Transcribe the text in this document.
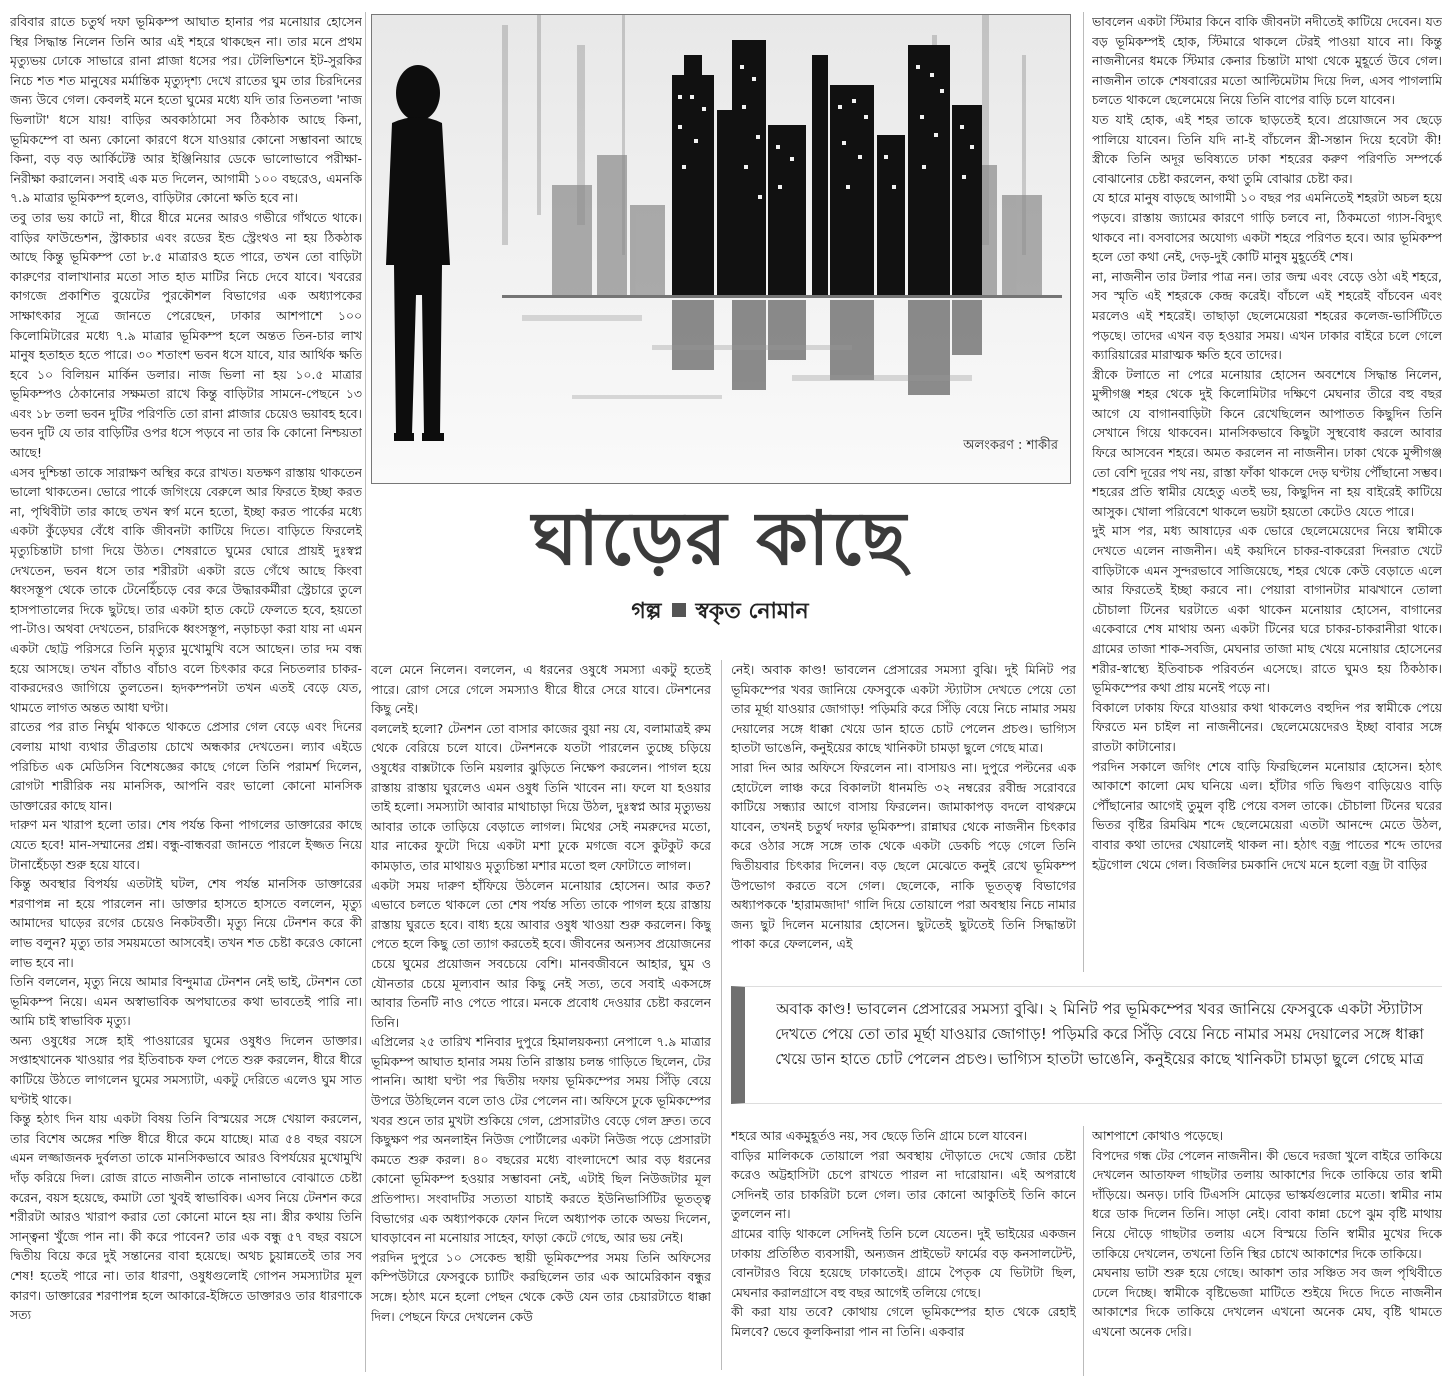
রবিবার রাতে চতুর্থ দফা ভূমিকম্প আঘাত হানার পর মনোয়ার হোসেন স্থির সিদ্ধান্ত নিলেন তিনি আর এই শহরে থাকছেন না। তার মনে প্রথম মৃত্যুভয় ঢোকে সাভারে রানা প্লাজা ধসের পর। টেলিভিশনে ইট-সুরকির নিচে শত শত মানুষের মর্মান্তিক মৃত্যুদৃশ্য দেখে রাতের ঘুম তার চিরদিনের জন্য উবে গেল। কেবলই মনে হতো ঘুমের মধ্যে যদি তার তিনতলা 'নাজ ভিলাটা' ধসে যায়! বাড়ির অবকাঠামো সব ঠিকঠাক আছে কিনা, ভূমিকম্পে বা অন্য কোনো কারণে ধসে যাওয়ার কোনো সম্ভাবনা আছে কিনা, বড় বড় আর্কিটেক্ট আর ইঞ্জিনিয়ার ডেকে ভালোভাবে পরীক্ষা-নিরীক্ষা করালেন। সবাই এক মত দিলেন, আগামী ১০০ বছরেও, এমনকি ৭.৯ মাত্রার ভূমিকম্প হলেও, বাড়িটার কোনো ক্ষতি হবে না।

তবু তার ভয় কাটে না, ধীরে ধীরে মনের আরও গভীরে গাঁথতে থাকে। বাড়ির ফাউন্ডেশন, স্ট্রাকচার এবং রডের ইন্ড স্ট্রেংথও না হয় ঠিকঠাক আছে কিন্তু ভূমিকম্প তো ৮.৫ মাত্রারও হতে পারে, তখন তো বাড়িটা কারুণের বালাখানার মতো সাত হাত মাটির নিচে দেবে যাবে। খবরের কাগজে প্রকাশিত বুয়েটের পুরকৌশল বিভাগের এক অধ্যাপকের সাক্ষাৎকার সূত্রে জানতে পেরেছেন, ঢাকার আশপাশে ১০০ কিলোমিটারের মধ্যে ৭.৯ মাত্রার ভূমিকম্প হলে অন্তত তিন-চার লাখ মানুষ হতাহত হতে পারে। ৩০ শতাংশ ভবন ধসে যাবে, যার আর্থিক ক্ষতি হবে ১০ বিলিয়ন মার্কিন ডলার। নাজ ভিলা না হয় ১০.৫ মাত্রার ভূমিকম্পও ঠেকানোর সক্ষমতা রাখে কিন্তু বাড়িটার সামনে-পেছনে ১৩ এবং ১৮ তলা ভবন দুটির পরিণতি তো রানা প্লাজার চেয়েও ভয়াবহ হবে। ভবন দুটি যে তার বাড়িটির ওপর ধসে পড়বে না তার কি কোনো নিশ্চয়তা আছে!

এসব দুশ্চিন্তা তাকে সারাক্ষণ অস্থির করে রাখত। যতক্ষণ রাস্তায় থাকতেন ভালো থাকতেন। ভোরে পার্কে জগিংয়ে বেরুলে আর ফিরতে ইচ্ছা করত না, পৃথিবীটা তার কাছে তখন স্বর্গ মনে হতো, ইচ্ছা করত পার্কের মধ্যে একটা কুঁড়েঘর বেঁধে বাকি জীবনটা কাটিয়ে দিতে। বাড়িতে ফিরলেই মৃত্যুচিন্তাটা চাগা দিয়ে উঠত। শেষরাতে ঘুমের ঘোরে প্রায়ই দুঃস্বপ্ন দেখতেন, ভবন ধসে তার শরীরটা একটা রডে গেঁথে আছে কিংবা ধ্বংসস্তূপ থেকে তাকে টেনেহিঁচড়ে বের করে উদ্ধারকর্মীরা স্ট্রেচারে তুলে হাসপাতালের দিকে ছুটছে। তার একটা হাত কেটে ফেলতে হবে, হয়তো পা-টাও। অথবা দেখতেন, চারদিকে ধ্বংসস্তূপ, নড়াচড়া করা যায় না এমন একটা ছোট্ট পরিসরে তিনি মৃত্যুর মুখোমুখি বসে আছেন। তার দম বন্ধ হয়ে আসছে। তখন বাঁচাও বাঁচাও বলে চিৎকার করে নিচতলার চাকর-বাকরদেরও জাগিয়ে তুলতেন। হৃদকম্পনটা তখন এতই বেড়ে যেত, থামতে লাগত অন্তত আধা ঘণ্টা।

রাতের পর রাত নির্ঘুম থাকতে থাকতে প্রেসার গেল বেড়ে এবং দিনের বেলায় মাথা ব্যথার তীব্রতায় চোখে অন্ধকার দেখতেন। ল্যাব এইডে পরিচিত এক মেডিসিন বিশেষজ্ঞের কাছে গেলে তিনি পরামর্শ দিলেন, রোগটা শারীরিক নয় মানসিক, আপনি বরং ভালো কোনো মানসিক ডাক্তারের কাছে যান।

দারুণ মন খারাপ হলো তার। শেষ পর্যন্ত কিনা পাগলের ডাক্তারের কাছে যেতে হবে! মান-সম্মানের প্রশ্ন। বন্ধু-বান্ধবরা জানতে পারলে ইজ্জত নিয়ে টানাহেঁচড়া শুরু হয়ে যাবে।

কিন্তু অবস্থার বিপর্যয় এতটাই ঘটল, শেষ পর্যন্ত মানসিক ডাক্তারের শরণাপন্ন না হয়ে পারলেন না। ডাক্তার হাসতে হাসতে বললেন, মৃত্যু আমাদের ঘাড়ের রগের চেয়েও নিকটবর্তী। মৃত্যু নিয়ে টেনশন করে কী লাভ বলুন? মৃত্যু তার সময়মতো আসবেই। তখন শত চেষ্টা করেও কোনো লাভ হবে না।

তিনি বললেন, মৃত্যু নিয়ে আমার বিন্দুমাত্র টেনশন নেই ভাই, টেনশন তো ভূমিকম্প নিয়ে। এমন অস্বাভাবিক অপঘাতের কথা ভাবতেই পারি না। আমি চাই স্বাভাবিক মৃত্যু।

অন্য ওষুধের সঙ্গে হাই পাওয়ারের ঘুমের ওষুধও দিলেন ডাক্তার। সপ্তাহখানেক খাওয়ার পর ইতিবাচক ফল পেতে শুরু করলেন, ধীরে ধীরে কাটিয়ে উঠতে লাগলেন ঘুমের সমস্যাটা, একটু দেরিতে এলেও ঘুম সাত ঘণ্টাই থাকে।

কিন্তু হঠাৎ দিন যায় একটা বিষয় তিনি বিস্ময়ের সঙ্গে খেয়াল করলেন, তার বিশেষ অঙ্গের শক্তি ধীরে ধীরে কমে যাচ্ছে। মাত্র ৫৪ বছর বয়সে এমন লজ্জাজনক দুর্বলতা তাকে মানসিকভাবে আরও বিপর্যয়ের মুখোমুখি দাঁড় করিয়ে দিল। রোজ রাতে নাজনীন তাকে নানাভাবে বোঝাতে চেষ্টা করেন, বয়স হয়েছে, কমাটা তো খুবই স্বাভাবিক। এসব নিয়ে টেনশন করে শরীরটা আরও খারাপ করার তো কোনো মানে হয় না। স্ত্রীর কথায় তিনি সান্ত্বনা খুঁজে পান না। কী করে পাবেন? তার এক বন্ধু ৫৭ বছর বয়সে দ্বিতীয় বিয়ে করে দুই সন্তানের বাবা হয়েছে। অথচ চুয়ান্নতেই তার সব শেষ! হতেই পারে না। তার ধারণা, ওষুধগুলোই গোপন সমস্যাটার মূল কারণ। ডাক্তারের শরণাপন্ন হলে আকারে-ইঙ্গিতে ডাক্তারও তার ধারণাকে সত্য

অলংকরণ : শাকীর
ঘাড়ের কাছে
গল্প স্বকৃত নোমান

বলে মেনে নিলেন। বললেন, এ ধরনের ওষুধে সমস্যা একটু হতেই পারে। রোগ সেরে গেলে সমস্যাও ধীরে ধীরে সেরে যাবে। টেনশনের কিছু নেই।

বললেই হলো? টেনশন তো বাসার কাজের বুয়া নয় যে, বলামাত্রই রুম থেকে বেরিয়ে চলে যাবে। টেনশনকে যতটা পারলেন তুচ্ছে চড়িয়ে ওষুধের বাক্সটাকে তিনি ময়লার ঝুড়িতে নিক্ষেপ করলেন। পাগল হয়ে রাস্তায় রাস্তায় ঘুরলেও এমন ওষুধ তিনি খাবেন না। ফলে যা হওয়ার তাই হলো। সমস্যাটা আবার মাথাচাড়া দিয়ে উঠল, দুঃস্বপ্ন আর মৃত্যুভয় আবার তাকে তাড়িয়ে বেড়াতে লাগল। মিথের সেই নমরুদের মতো, যার নাকের ফুটো দিয়ে একটা মশা ঢুকে মগজে বসে কুটকুট করে কামড়াত, তার মাথায়ও মৃত্যুচিন্তা মশার মতো হুল ফোটাতে লাগল।

একটা সময় দারুণ হাঁফিয়ে উঠলেন মনোয়ার হোসেন। আর কত? এভাবে চলতে থাকলে তো শেষ পর্যন্ত সত্যি তাকে পাগল হয়ে রাস্তায় রাস্তায় ঘুরতে হবে। বাধ্য হয়ে আবার ওষুধ খাওয়া শুরু করলেন। কিছু পেতে হলে কিছু তো ত্যাগ করতেই হবে। জীবনের অন্যসব প্রয়োজনের চেয়ে ঘুমের প্রয়োজন সবচেয়ে বেশি। মানবজীবনে আহার, ঘুম ও যৌনতার চেয়ে মূল্যবান আর কিছু নেই সত্য, তবে সবাই একসঙ্গে আবার তিনটি নাও পেতে পারে। মনকে প্রবোধ দেওয়ার চেষ্টা করলেন তিনি।

এপ্রিলের ২৫ তারিখ শনিবার দুপুরে হিমালয়কন্যা নেপালে ৭.৯ মাত্রার ভূমিকম্প আঘাত হানার সময় তিনি রাস্তায় চলন্ত গাড়িতে ছিলেন, টের পাননি। আধা ঘণ্টা পর দ্বিতীয় দফায় ভূমিকম্পের সময় সিঁড়ি বেয়ে উপরে উঠছিলেন বলে তাও টের পেলেন না। অফিসে ঢুকে ভূমিকম্পের খবর শুনে তার মুখটা শুকিয়ে গেল, প্রেসারটাও বেড়ে গেল দ্রুত। তবে কিছুক্ষণ পর অনলাইন নিউজ পোর্টালের একটা নিউজ পড়ে প্রেসারটা কমতে শুরু করল। ৪০ বছরের মধ্যে বাংলাদেশে আর বড় ধরনের কোনো ভূমিকম্প হওয়ার সম্ভাবনা নেই, এটাই ছিল নিউজটার মূল প্রতিপাদ্য। সংবাদটির সত্যতা যাচাই করতে ইউনিভার্সিটির ভূতত্ত্ব বিভাগের এক অধ্যাপককে ফোন দিলে অধ্যাপক তাকে অভয় দিলেন, ঘাবড়াবেন না মনোয়ার সাহেব, ফাড়া কেটে গেছে, আর ভয় নেই।

পরদিন দুপুরে ১০ সেকেন্ড স্থায়ী ভূমিকম্পের সময় তিনি অফিসের কম্পিউটারে ফেসবুকে চ্যাটিং করছিলেন তার এক আমেরিকান বন্ধুর সঙ্গে। হঠাৎ মনে হলো পেছন থেকে কেউ যেন তার চেয়ারটাতে ধাক্কা দিল। পেছনে ফিরে দেখলেন কেউ

নেই। অবাক কাণ্ড! ভাবলেন প্রেসারের সমস্যা বুঝি। দুই মিনিট পর ভূমিকম্পের খবর জানিয়ে ফেসবুকে একটা স্ট্যাটাস দেখতে পেয়ে তো তার মূর্ছা যাওয়ার জোগাড়! পড়িমরি করে সিঁড়ি বেয়ে নিচে নামার সময় দেয়ালের সঙ্গে ধাক্কা খেয়ে ডান হাতে চোট পেলেন প্রচণ্ড। ভাগ্যিস হাতটা ভাঙেনি, কনুইয়ের কাছে খানিকটা চামড়া ছুলে গেছে মাত্র।

সারা দিন আর অফিসে ফিরলেন না। বাসায়ও না। দুপুরে পল্টনের এক হোটেলে লাঞ্চ করে বিকালটা ধানমন্ডি ৩২ নম্বরের রবীন্দ্র সরোবরে কাটিয়ে সন্ধ্যার আগে বাসায় ফিরলেন। জামাকাপড় বদলে বাথরুমে যাবেন, তখনই চতুর্থ দফার ভূমিকম্প। রান্নাঘর থেকে নাজনীন চিৎকার করে ওঠার সঙ্গে সঙ্গে তাক থেকে একটা ডেকচি পড়ে গেলে তিনি দ্বিতীয়বার চিৎকার দিলেন। বড় ছেলে মেঝেতে কনুই রেখে ভূমিকম্প উপভোগ করতে বসে গেল। ছেলেকে, নাকি ভূতত্ত্ব বিভাগের অধ্যাপককে 'হারামজাদা' গালি দিয়ে তোয়ালে পরা অবস্থায় নিচে নামার জন্য ছুট দিলেন মনোয়ার হোসেন। ছুটতেই ছুটতেই তিনি সিদ্ধান্তটা পাকা করে ফেললেন, এই

ভাবলেন একটা স্টিমার কিনে বাকি জীবনটা নদীতেই কাটিয়ে দেবেন। যত বড় ভূমিকম্পই হোক, স্টিমারে থাকলে টেরই পাওয়া যাবে না। কিন্তু নাজনীনের ধমকে স্টিমার কেনার চিন্তাটা মাথা থেকে মুহূর্তে উবে গেল। নাজনীন তাকে শেষবারের মতো আল্টিমেটাম দিয়ে দিল, এসব পাগলামি চলতে থাকলে ছেলেমেয়ে নিয়ে তিনি বাপের বাড়ি চলে যাবেন।

যত যাই হোক, এই শহর তাকে ছাড়তেই হবে। প্রয়োজনে সব ছেড়ে পালিয়ে যাবেন। তিনি যদি না-ই বাঁচলেন স্ত্রী-সন্তান দিয়ে হবেটা কী! স্ত্রীকে তিনি অদূর ভবিষ্যতে ঢাকা শহরের করুণ পরিণতি সম্পর্কে বোঝানোর চেষ্টা করলেন, কথা তুমি বোঝার চেষ্টা কর।

যে হারে মানুষ বাড়ছে আগামী ১০ বছর পর এমনিতেই শহরটা অচল হয়ে পড়বে। রাস্তায় জ্যামের কারণে গাড়ি চলবে না, ঠিকমতো গ্যাস-বিদ্যুৎ থাকবে না। বসবাসের অযোগ্য একটা শহরে পরিণত হবে। আর ভূমিকম্প হলে তো কথা নেই, দেড়-দুই কোটি মানুষ মুহূর্তেই শেষ।

না, নাজনীন তার টলার পাত্র নন। তার জন্ম এবং বেড়ে ওঠা এই শহরে, সব স্মৃতি এই শহরকে কেন্দ্র করেই। বাঁচলে এই শহরেই বাঁচবেন এবং মরলেও এই শহরেই। তাছাড়া ছেলেমেয়েরা শহরের কলেজ-ভার্সিটিতে পড়ছে। তাদের এখন বড় হওয়ার সময়। এখন ঢাকার বাইরে চলে গেলে ক্যারিয়ারের মারাত্মক ক্ষতি হবে তাদের।

স্ত্রীকে টলাতে না পেরে মনোয়ার হোসেন অবশেষে সিদ্ধান্ত নিলেন, মুন্সীগঞ্জ শহর থেকে দুই কিলোমিটার দক্ষিণে মেঘনার তীরে বহু বছর আগে যে বাগানবাড়িটা কিনে রেখেছিলেন আপাতত কিছুদিন তিনি সেখানে গিয়ে থাকবেন। মানসিকভাবে কিছুটা সুস্থবোধ করলে আবার ফিরে আসবেন শহরে। অমত করলেন না নাজনীন। ঢাকা থেকে মুন্সীগঞ্জ তো বেশি দূরের পথ নয়, রাস্তা ফাঁকা থাকলে দেড় ঘণ্টায় পৌঁছানো সম্ভব। শহরের প্রতি স্বামীর যেহেতু এতই ভয়, কিছুদিন না হয় বাইরেই কাটিয়ে আসুক। খোলা পরিবেশে থাকলে ভয়টা হয়তো কেটেও যেতে পারে।

দুই মাস পর, মধ্য আষাঢ়ের এক ভোরে ছেলেমেয়েদের নিয়ে স্বামীকে দেখতে এলেন নাজনীন। এই কয়দিনে চাকর-বাকরেরা দিনরাত খেটে বাড়িটাকে এমন সুন্দরভাবে সাজিয়েছে, শহর থেকে কেউ বেড়াতে এলে আর ফিরতেই ইচ্ছা করবে না। পেয়ারা বাগানটার মাঝখানে তোলা চৌচালা টিনের ঘরটাতে একা থাকেন মনোয়ার হোসেন, বাগানের একেবারে শেষ মাথায় অন্য একটা টিনের ঘরে চাকর-চাকরানীরা থাকে। গ্রামের তাজা শাক-সবজি, মেঘনার তাজা মাছ খেয়ে মনোয়ার হোসেনের শরীর-স্বাস্থ্যে ইতিবাচক পরিবর্তন এসেছে। রাতে ঘুমও হয় ঠিকঠাক। ভূমিকম্পের কথা প্রায় মনেই পড়ে না।

বিকালে ঢাকায় ফিরে যাওয়ার কথা থাকলেও বহুদিন পর স্বামীকে পেয়ে ফিরতে মন চাইল না নাজনীনের। ছেলেমেয়েদেরও ইচ্ছা বাবার সঙ্গে রাতটা কাটানোর।

পরদিন সকালে জগিং শেষে বাড়ি ফিরছিলেন মনোয়ার হোসেন। হঠাৎ আকাশে কালো মেঘ ঘনিয়ে এল। হাঁটার গতি দ্বিগুণ বাড়িয়েও বাড়ি পৌঁছানোর আগেই তুমুল বৃষ্টি পেয়ে বসল তাকে। চৌচালা টিনের ঘরের ভিতর বৃষ্টির রিমঝিম শব্দে ছেলেমেয়েরা এতটা আনন্দে মেতে উঠল, বাবার কথা তাদের খেয়ালেই থাকল না। হঠাৎ বজ্র পাতের শব্দে তাদের হট্টগোল থেমে গেল। বিজলির চমকানি দেখে মনে হলো বজ্র টা বাড়ির

অবাক কাণ্ড! ভাবলেন প্রেসারের সমস্যা বুঝি। ২ মিনিট পর ভূমিকম্পের খবর জানিয়ে ফেসবুকে একটা স্ট্যাটাস দেখতে পেয়ে তো তার মূর্ছা যাওয়ার জোগাড়! পড়িমরি করে সিঁড়ি বেয়ে নিচে নামার সময় দেয়ালের সঙ্গে ধাক্কা খেয়ে ডান হাতে চোট পেলেন প্রচণ্ড। ভাগ্যিস হাতটা ভাঙেনি, কনুইয়ের কাছে খানিকটা চামড়া ছুলে গেছে মাত্র

শহরে আর একমুহূর্তও নয়, সব ছেড়ে তিনি গ্রামে চলে যাবেন।

বাড়ির মালিককে তোয়ালে পরা অবস্থায় দৌড়াতে দেখে জোর চেষ্টা করেও অট্টহাসিটা চেপে রাখতে পারল না দারোয়ান। এই অপরাধে সেদিনই তার চাকরিটা চলে গেল। তার কোনো আকুতিই তিনি কানে তুললেন না।

গ্রামের বাড়ি থাকলে সেদিনই তিনি চলে যেতেন। দুই ভাইয়ের একজন ঢাকায় প্রতিষ্ঠিত ব্যবসায়ী, অন্যজন প্রাইভেট ফার্মের বড় কনসালটেন্ট, বোনটারও বিয়ে হয়েছে ঢাকাতেই। গ্রামে পৈতৃক যে ভিটাটা ছিল, মেঘনার করালগ্রাসে বহু বছর আগেই তলিয়ে গেছে।

কী করা যায় তবে? কোথায় গেলে ভূমিকম্পের হাত থেকে রেহাই মিলবে? ভেবে কূলকিনারা পান না তিনি। একবার

আশপাশে কোথাও পড়েছে।

বিপদের গন্ধ টের পেলেন নাজনীন। কী ভেবে দরজা খুলে বাইরে তাকিয়ে দেখলেন আতাফল গাছটার তলায় আকাশের দিকে তাকিয়ে তার স্বামী দাঁড়িয়ে। অনড়। ঢাবি টিএসসি মোড়ের ভাস্কর্যগুলোর মতো। স্বামীর নাম ধরে ডাক দিলেন তিনি। সাড়া নেই। বোবা কান্না চেপে ঝুম বৃষ্টি মাথায় নিয়ে দৌড়ে গাছটার তলায় এসে বিস্ময়ে তিনি স্বামীর মুখের দিকে তাকিয়ে দেখলেন, তখনো তিনি স্থির চোখে আকাশের দিকে তাকিয়ে।

মেঘনায় ভাটা শুরু হয়ে গেছে। আকাশ তার সঞ্চিত সব জল পৃথিবীতে ঢেলে দিচ্ছে। স্বামীকে বৃষ্টিভেজা মাটিতে শুইয়ে দিতে দিতে নাজনীন আকাশের দিকে তাকিয়ে দেখলেন এখনো অনেক মেঘ, বৃষ্টি থামতে এখনো অনেক দেরি।
